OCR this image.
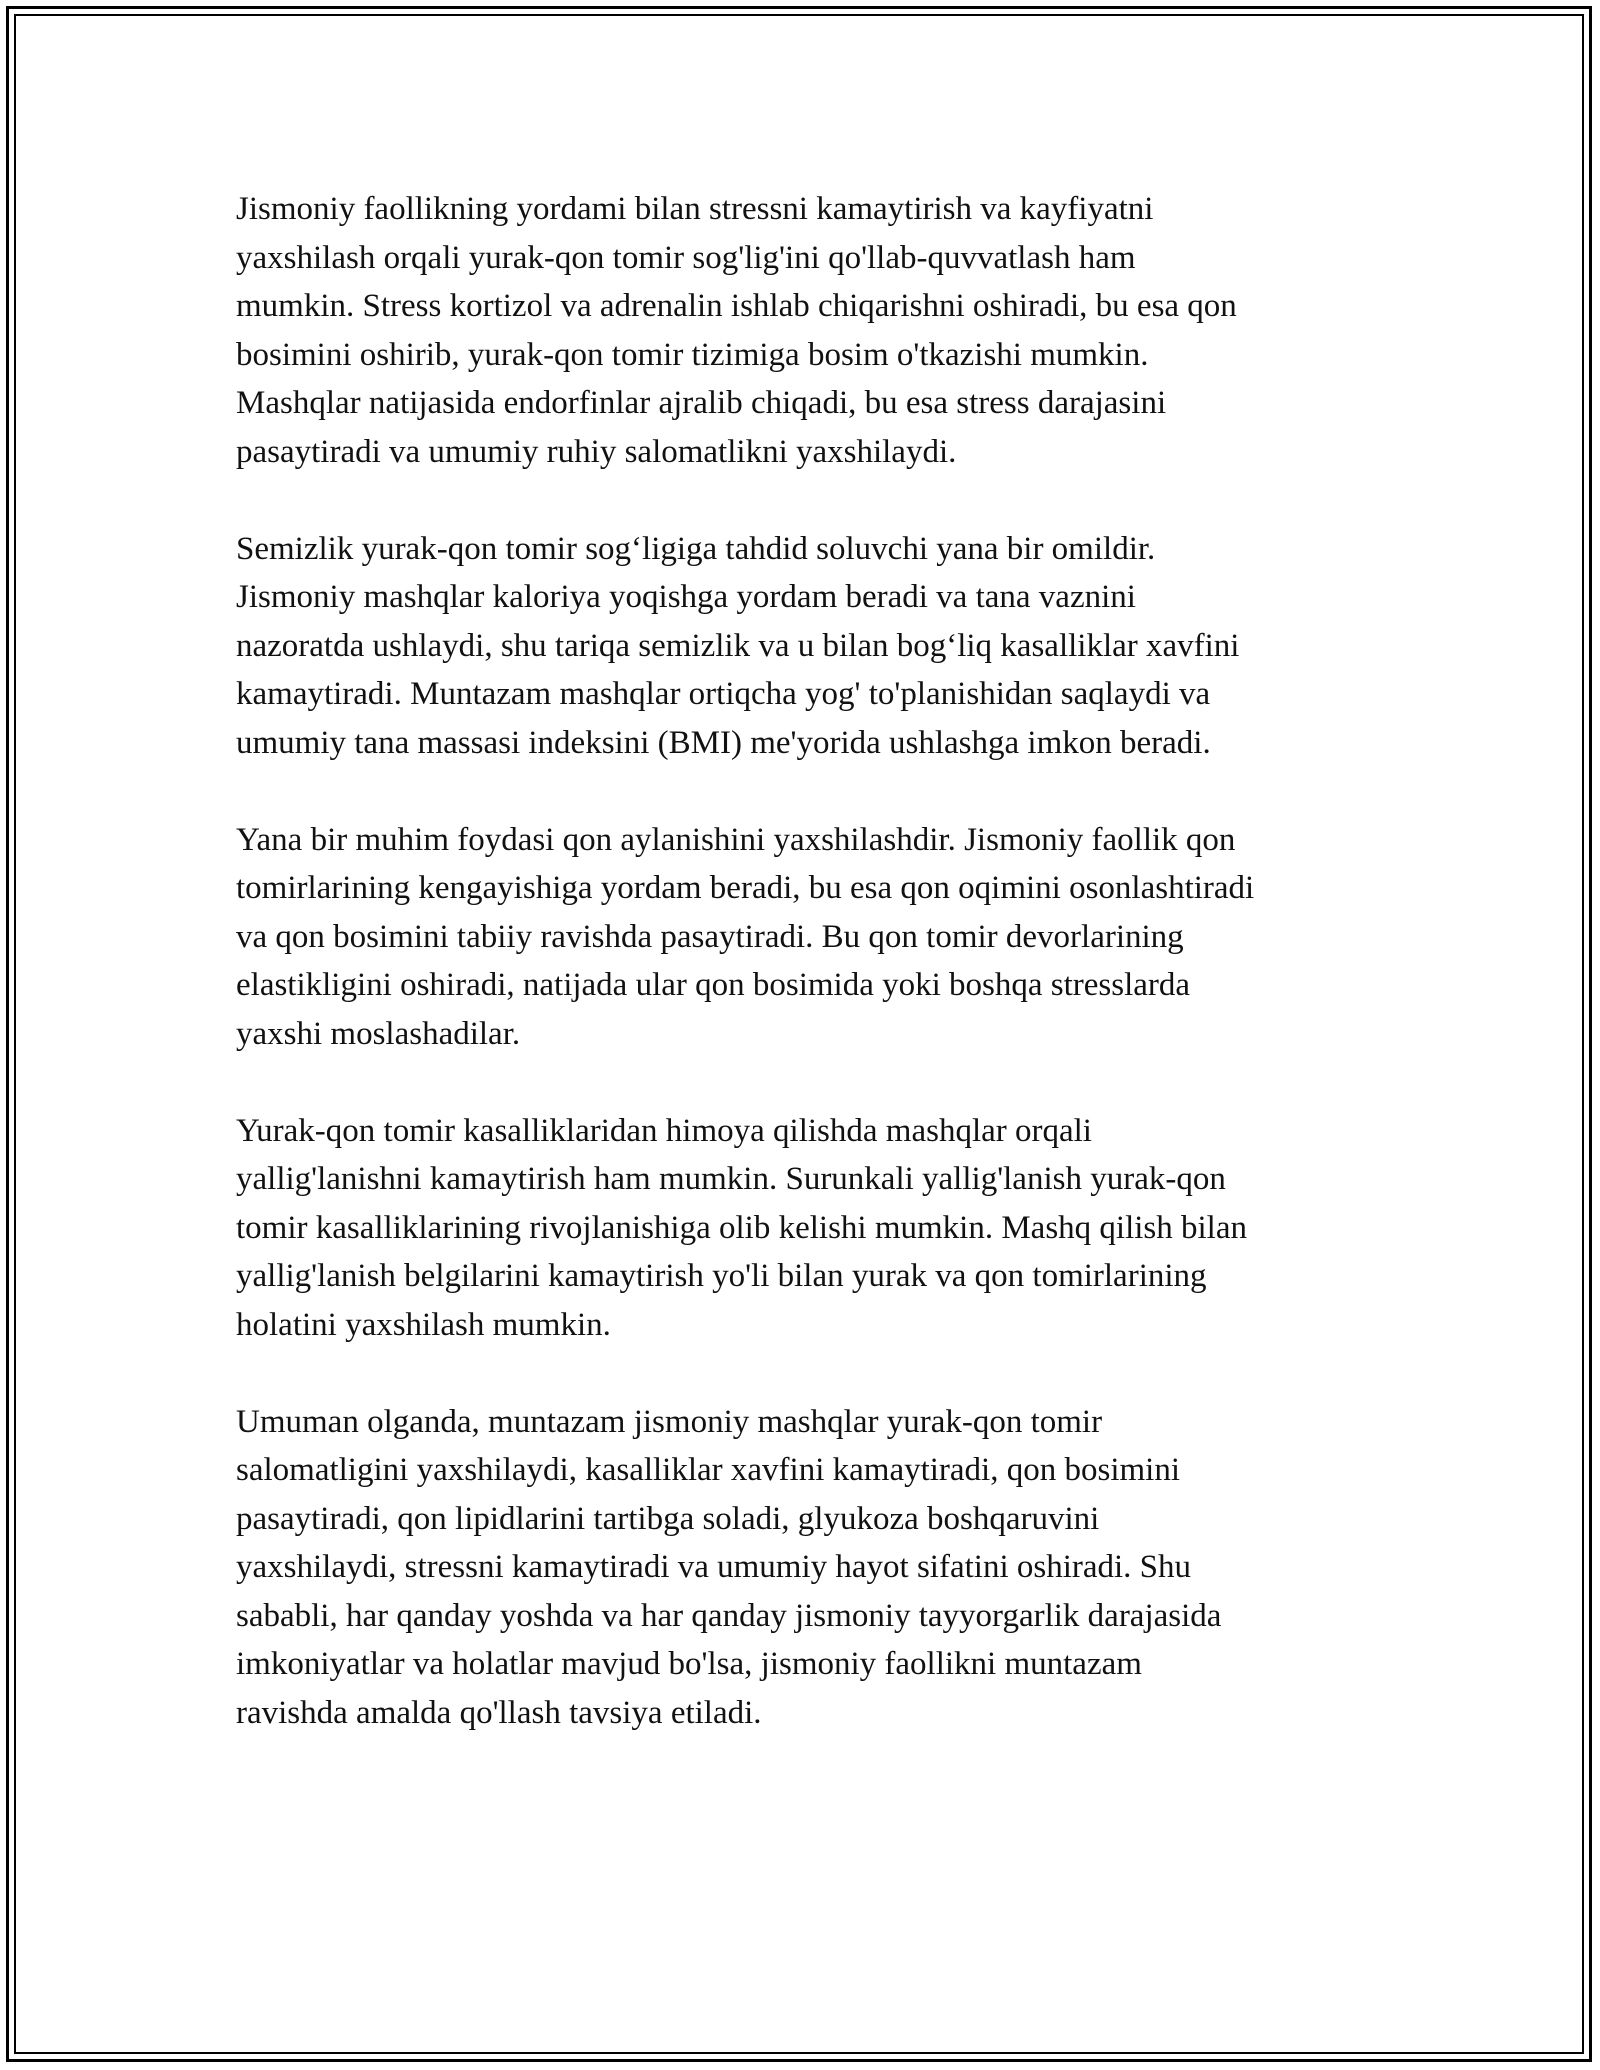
Jismoniy faollikning yordami bilan stressni kamaytirish va kayfiyatni
yaxshilash orqali yurak-qon tomir sog'lig'ini qo'llab-quvvatlash ham
mumkin. Stress kortizol va adrenalin ishlab chiqarishni oshiradi, bu esa qon
bosimini oshirib, yurak-qon tomir tizimiga bosim o'tkazishi mumkin.
Mashqlar natijasida endorfinlar ajralib chiqadi, bu esa stress darajasini
pasaytiradi va umumiy ruhiy salomatlikni yaxshilaydi.

Semizlik yurak-qon tomir sog‘ligiga tahdid soluvchi yana bir omildir.
Jismoniy mashqlar kaloriya yoqishga yordam beradi va tana vaznini
nazoratda ushlaydi, shu tariqa semizlik va u bilan bog‘liq kasalliklar xavfini
kamaytiradi. Muntazam mashqlar ortiqcha yog' to'planishidan saqlaydi va
umumiy tana massasi indeksini (BMI) me'yorida ushlashga imkon beradi.

Yana bir muhim foydasi qon aylanishini yaxshilashdir. Jismoniy faollik qon
tomirlarining kengayishiga yordam beradi, bu esa qon oqimini osonlashtiradi
va qon bosimini tabiiy ravishda pasaytiradi. Bu qon tomir devorlarining
elastikligini oshiradi, natijada ular qon bosimida yoki boshqa stresslarda
yaxshi moslashadilar.

Yurak-qon tomir kasalliklaridan himoya qilishda mashqlar orqali
yallig'lanishni kamaytirish ham mumkin. Surunkali yallig'lanish yurak-qon
tomir kasalliklarining rivojlanishiga olib kelishi mumkin. Mashq qilish bilan
yallig'lanish belgilarini kamaytirish yo'li bilan yurak va qon tomirlarining
holatini yaxshilash mumkin.

Umuman olganda, muntazam jismoniy mashqlar yurak-qon tomir
salomatligini yaxshilaydi, kasalliklar xavfini kamaytiradi, qon bosimini
pasaytiradi, qon lipidlarini tartibga soladi, glyukoza boshqaruvini
yaxshilaydi, stressni kamaytiradi va umumiy hayot sifatini oshiradi. Shu
sababli, har qanday yoshda va har qanday jismoniy tayyorgarlik darajasida
imkoniyatlar va holatlar mavjud bo'lsa, jismoniy faollikni muntazam
ravishda amalda qo'llash tavsiya etiladi.
